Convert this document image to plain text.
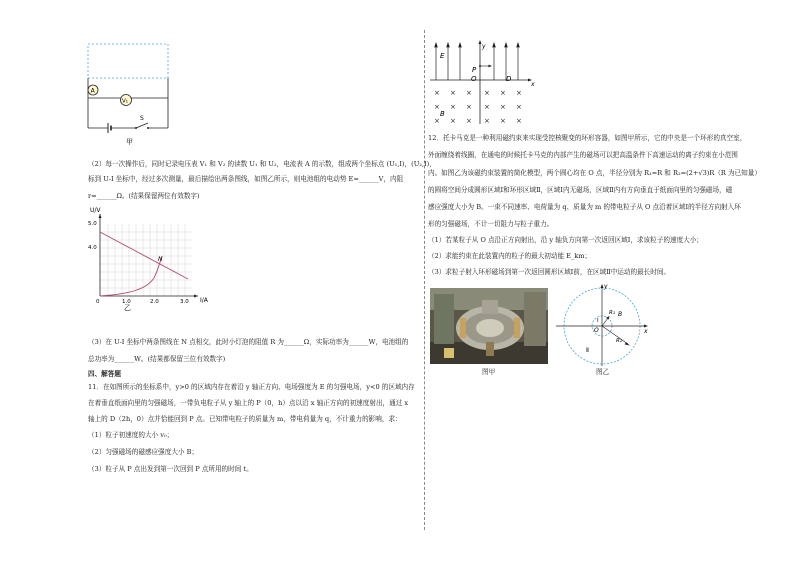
A
V₁
S
甲
（2）每一次操作后，同时记录电压表 V₁ 和 V₂ 的读数 U₁ 和 U₂，电流表 A 的示数，组成两个坐标点 (U₁,I)，(U₂,I)，
标到 U-I 坐标中，经过多次测量，最后描绘出两条图线，如图乙所示，则电池组的电动势 E=______V，内阻
r=______Ω。(结果保留两位有效数字)
U/V
I/A
5.0
4.0
0	1.0	2.0	3.0
N
乙
（3）在 U-I 坐标中两条图线在 N 点相交，此时小灯泡的阻值 R 为______Ω，实际功率为______W，电池组的
总功率为______W。(结果都保留三位有效数字)
四、解答题
11．在如图所示的坐标系中，y>0 的区域内存在着沿 y 轴正方向、电场强度为 E 的匀强电场，y<0 的区域内存
在着垂直纸面向里的匀强磁场，一带负电粒子从 y 轴上的 P（0，h）点以沿 x 轴正方向的初速度射出，通过 x
轴上的 D（2h，0）点并恰能回到 P 点。已知带电粒子的质量为 m，带电荷量为 q，不计重力的影响，求：
（1）粒子初速度的大小 v₀；
（2）匀强磁场的磁感应强度大小 B；
（3）粒子从 P 点出发到第一次回到 P 点所用的时间 t。
E
y
x
P
O	D
× × × × × ×
× × × × × ×
× × × × × ×
B
12．托卡马克是一种利用磁约束来实现受控核聚变的环形容器，如图甲所示，它的中央是一个环形的真空室，
外面缠绕着线圈，在通电的时候托卡马克的内部产生的磁场可以把高温条件下高速运动的离子约束在小范围
内。如图乙为该磁约束装置的简化模型，两个圆心均在 O 点，半径分别为 R₁=R 和 R₂=(2+√3)R（R 为已知量）
的圆将空间分成圆形区域Ⅰ和环形区域Ⅱ，区域Ⅰ内无磁场，区域Ⅱ内有方向垂直于纸面向里的匀强磁场，磁
感应强度大小为 B。一束不同速率、电荷量为 q、质量为 m 的带电粒子从 O 点沿着区域Ⅰ的半径方向射入环
形的匀强磁场，不计一切阻力与粒子重力。
（1）若某粒子从 O 点沿正方向射出，沿 y 轴负方向第一次返回区域Ⅰ，求该粒子的速度大小；
（2）求能约束在此装置内的粒子的最大初动能 E_km；
（3）求粒子射入环形磁场到第一次返回圆形区域Ⅰ前，在区域Ⅱ中运动的最长时间。
图甲
y
x
O
R₁ B
R₂
Ⅰ
Ⅱ
图乙
